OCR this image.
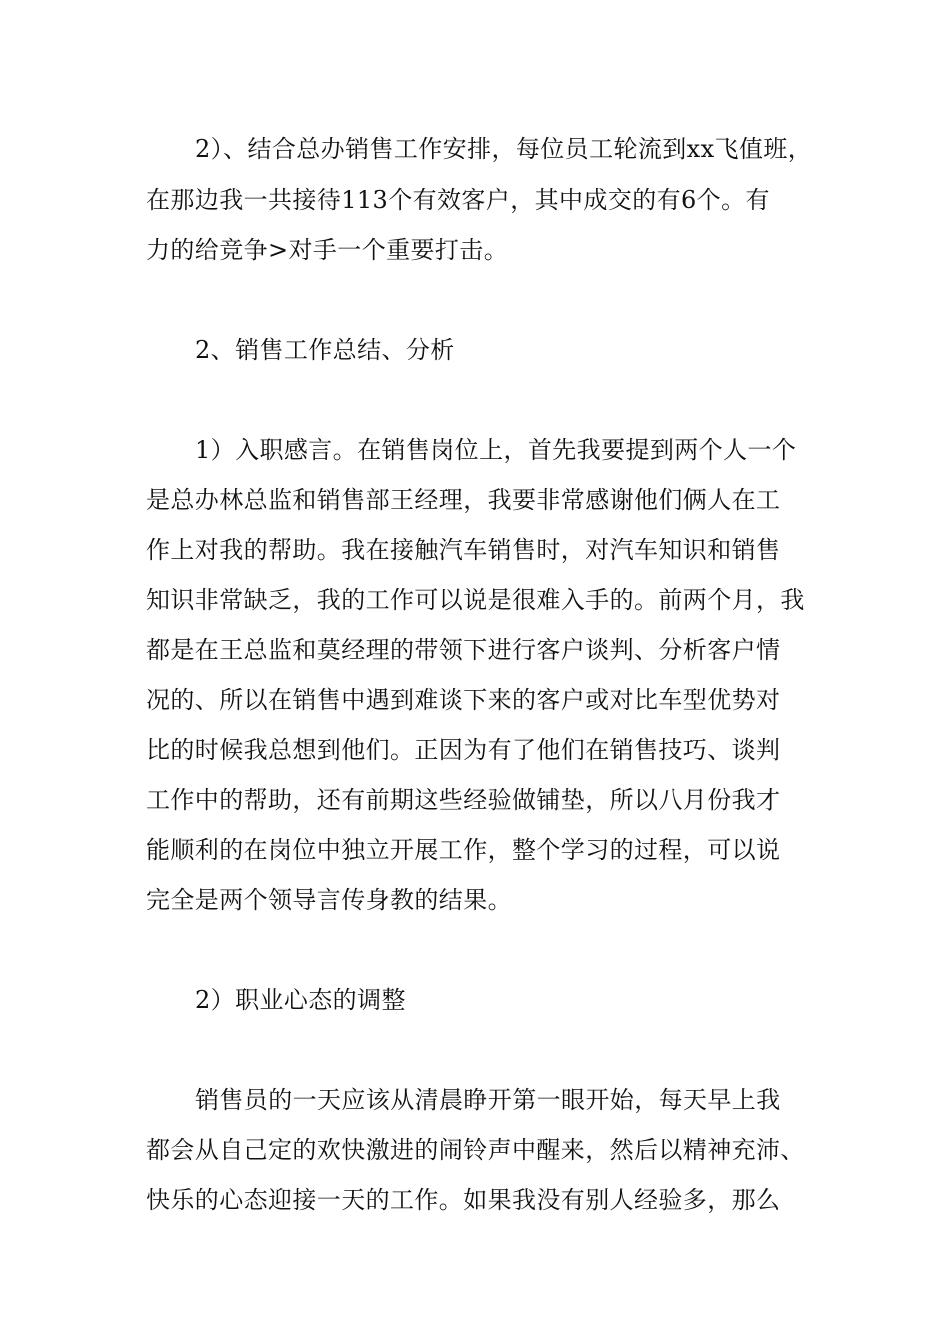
2）、结合总办销售工作安排，每位员工轮流到xx飞值班，
在那边我一共接待113个有效客户，其中成交的有6个。有
力的给竞争>对手一个重要打击。
2、销售工作总结、分析
1）入职感言。在销售岗位上，首先我要提到两个人一个
是总办林总监和销售部王经理，我要非常感谢他们俩人在工
作上对我的帮助。我在接触汽车销售时，对汽车知识和销售
知识非常缺乏，我的工作可以说是很难入手的。前两个月，我
都是在王总监和莫经理的带领下进行客户谈判、分析客户情
况的、所以在销售中遇到难谈下来的客户或对比车型优势对
比的时候我总想到他们。正因为有了他们在销售技巧、谈判
工作中的帮助，还有前期这些经验做铺垫，所以八月份我才
能顺利的在岗位中独立开展工作，整个学习的过程，可以说
完全是两个领导言传身教的结果。
2）职业心态的调整
销售员的一天应该从清晨睁开第一眼开始，每天早上我
都会从自己定的欢快激进的闹铃声中醒来，然后以精神充沛、
快乐的心态迎接一天的工作。如果我没有别人经验多，那么
